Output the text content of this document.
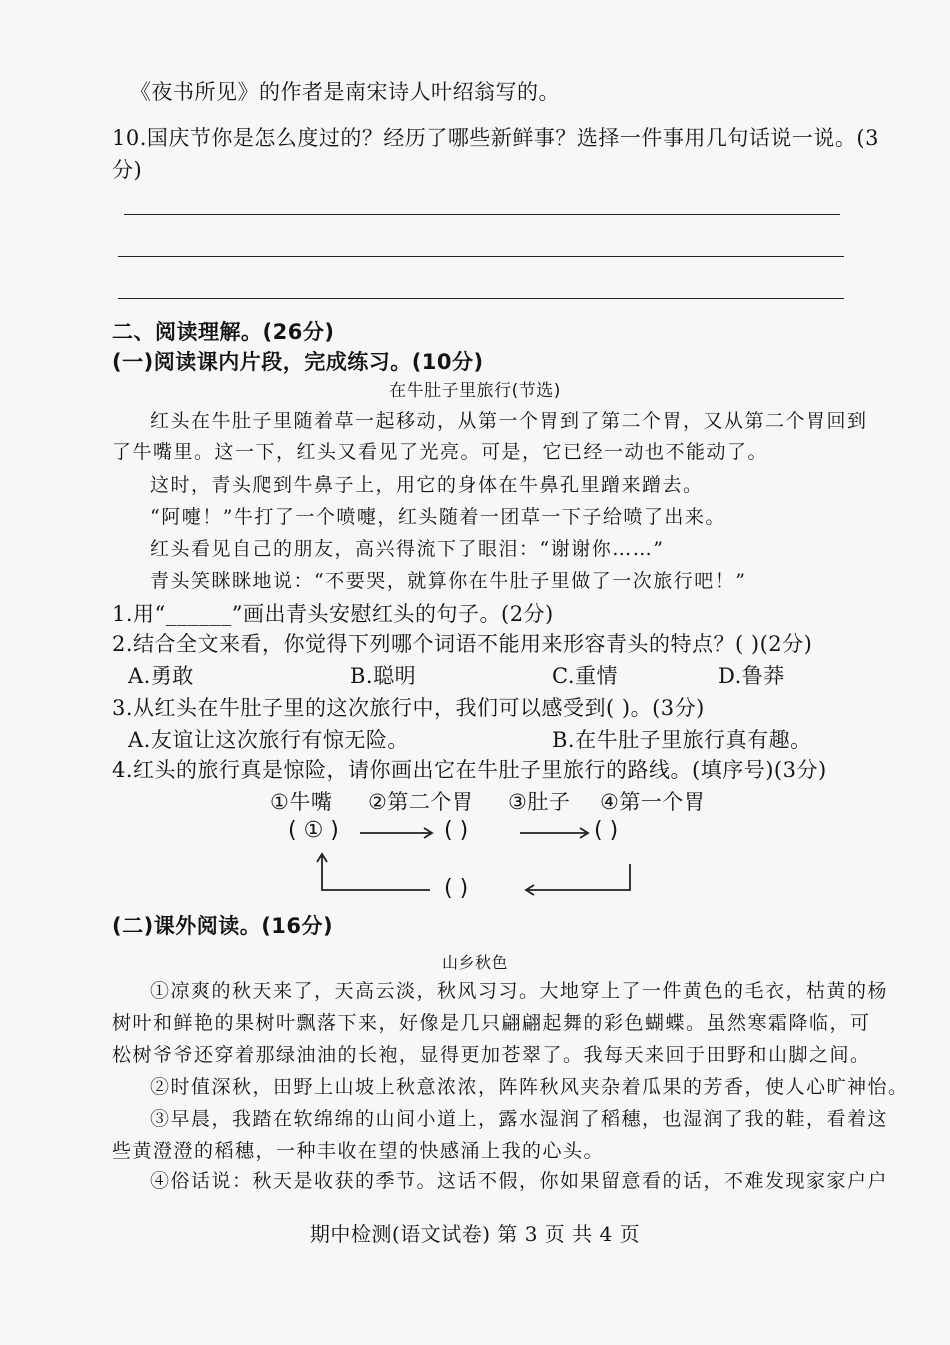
《夜书所见》的作者是南宋诗人叶绍翁写的。
10.国庆节你是怎么度过的？经历了哪些新鲜事？选择一件事用几句话说一说。(3
分)
二、阅读理解。(26分)
(一)阅读课内片段，完成练习。(10分)
在牛肚子里旅行(节选)
红头在牛肚子里随着草一起移动，从第一个胃到了第二个胃，又从第二个胃回到
了牛嘴里。这一下，红头又看见了光亮。可是，它已经一动也不能动了。
这时，青头爬到牛鼻子上，用它的身体在牛鼻孔里蹭来蹭去。
“阿嚏！”牛打了一个喷嚏，红头随着一团草一下子给喷了出来。
红头看见自己的朋友，高兴得流下了眼泪：“谢谢你……”
青头笑眯眯地说：“不要哭，就算你在牛肚子里做了一次旅行吧！”
1.用“______”画出青头安慰红头的句子。(2分)
2.结合全文来看，你觉得下列哪个词语不能用来形容青头的特点？( )(2分)
A.勇敢	B.聪明	C.重情	D.鲁莽
3.从红头在牛肚子里的这次旅行中，我们可以感受到( )。(3分)
A.友谊让这次旅行有惊无险。	B.在牛肚子里旅行真有趣。
4.红头的旅行真是惊险，请你画出它在牛肚子里旅行的路线。(填序号)(3分)
①牛嘴 ②第二个胃 ③肚子 ④第一个胃
( ① )	( )	( )
( )
(二)课外阅读。(16分)
山乡秋色
①凉爽的秋天来了，天高云淡，秋风习习。大地穿上了一件黄色的毛衣，枯黄的杨
树叶和鲜艳的果树叶飘落下来，好像是几只翩翩起舞的彩色蝴蝶。虽然寒霜降临，可
松树爷爷还穿着那绿油油的长袍，显得更加苍翠了。我每天来回于田野和山脚之间。
②时值深秋，田野上山坡上秋意浓浓，阵阵秋风夹杂着瓜果的芳香，使人心旷神怡。
③早晨，我踏在软绵绵的山间小道上，露水湿润了稻穗，也湿润了我的鞋，看着这
些黄澄澄的稻穗，一种丰收在望的快感涌上我的心头。
④俗话说：秋天是收获的季节。这话不假，你如果留意看的话，不难发现家家户户
期中检测(语文试卷) 第 3 页 共 4 页
